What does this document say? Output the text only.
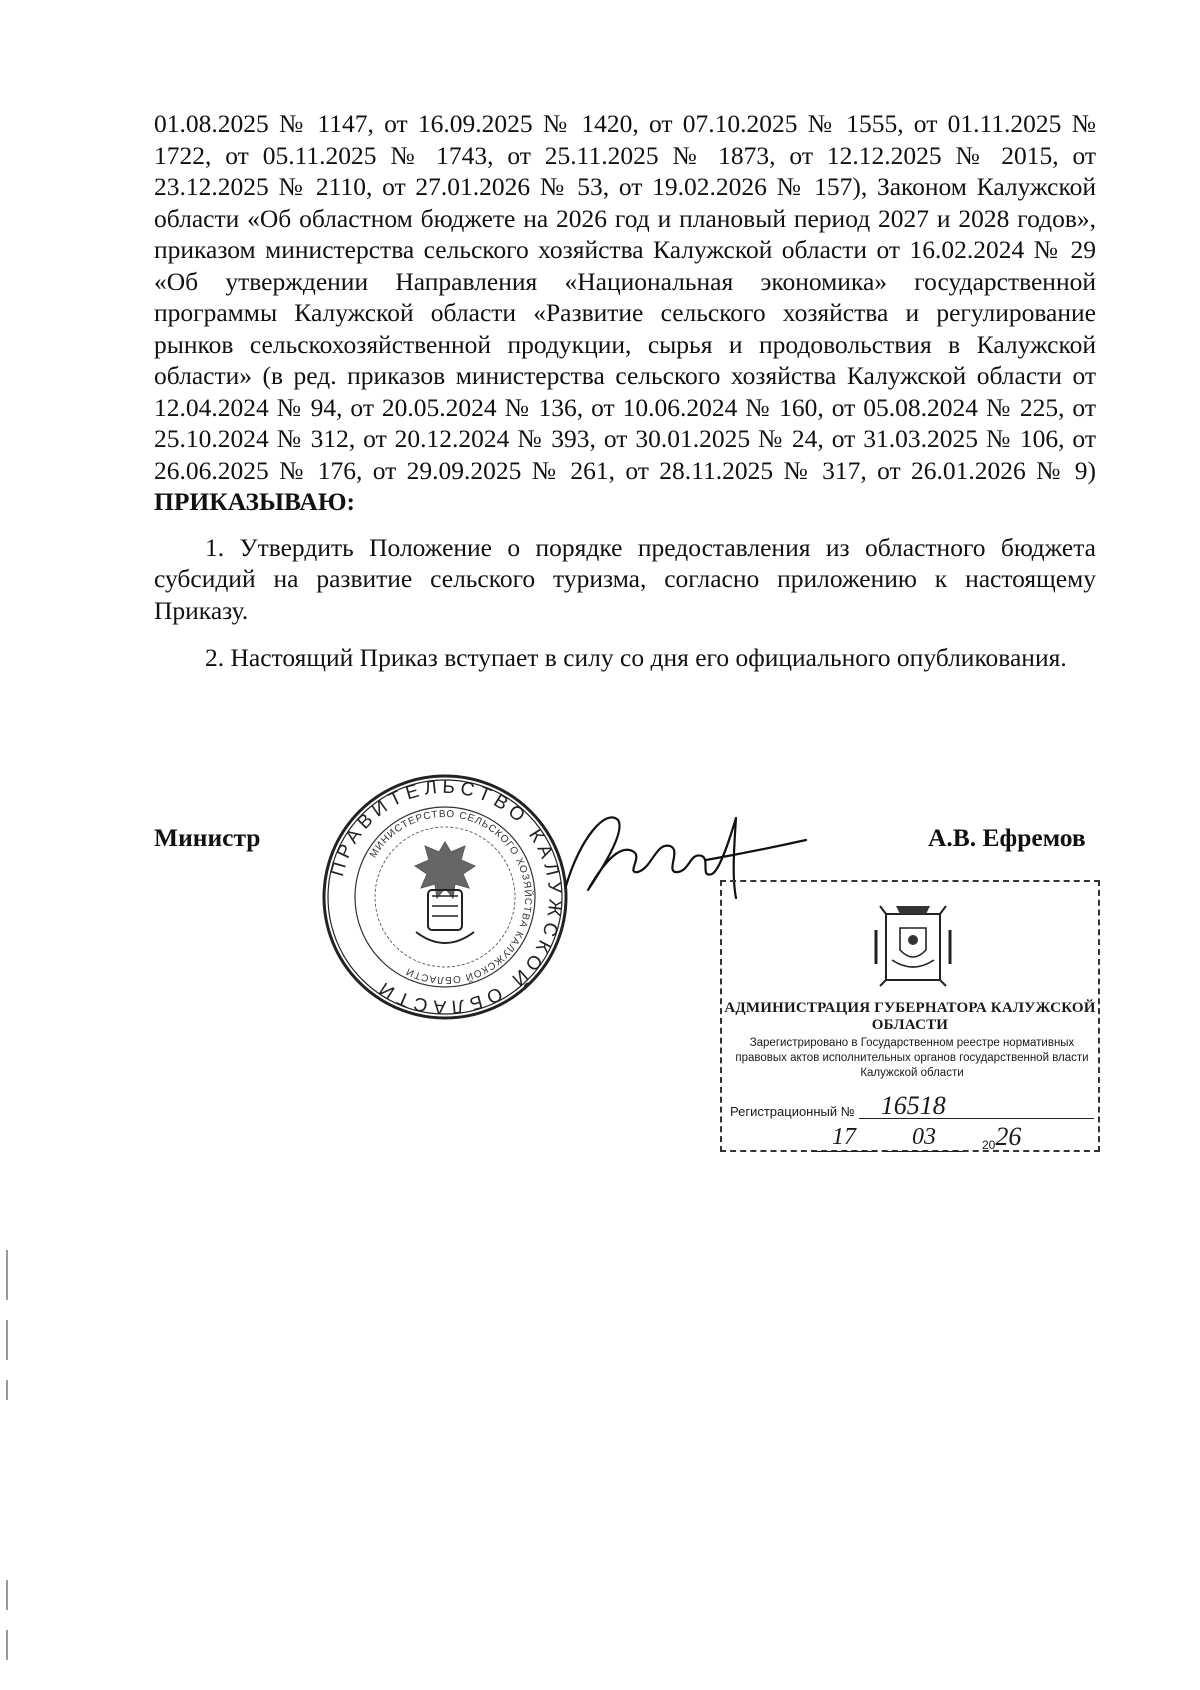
01.08.2025 № 1147, от 16.09.2025 № 1420, от 07.10.2025 № 1555, от 01.11.2025 № 1722, от 05.11.2025 № 1743, от 25.11.2025 № 1873, от 12.12.2025 № 2015, от 23.12.2025 № 2110, от 27.01.2026 № 53, от 19.02.2026 № 157), Законом Калужской области «Об областном бюджете на 2026 год и плановый период 2027 и 2028 годов», приказом министерства сельского хозяйства Калужской области от 16.02.2024 № 29 «Об утверждении Направления «Национальная экономика» государственной программы Калужской области «Развитие сельского хозяйства и регулирование рынков сельскохозяйственной продукции, сырья и продовольствия в Калужской области» (в ред. приказов министерства сельского хозяйства Калужской области от 12.04.2024 № 94, от 20.05.2024 № 136, от 10.06.2024 № 160, от 05.08.2024 № 225, от 25.10.2024 № 312, от 20.12.2024 № 393, от 30.01.2025 № 24, от 31.03.2025 № 106, от 26.06.2025 № 176, от 29.09.2025 № 261, от 28.11.2025 № 317, от 26.01.2026 № 9) ПРИКАЗЫВАЮ:

1. Утвердить Положение о порядке предоставления из областного бюджета субсидий на развитие сельского туризма, согласно приложению к настоящему Приказу.

2. Настоящий Приказ вступает в силу со дня его официального опубликования.

Министр	А.В. Ефремов
ПРАВИТЕЛЬСТВО КАЛУЖСКОЙ ОБЛАСТИ
МИНИСТЕРСТВО СЕЛЬСКОГО ХОЗЯЙСТВА КАЛУЖСКОЙ ОБЛАСТИ
АДМИНИСТРАЦИЯ ГУБЕРНАТОРА КАЛУЖСКОЙ ОБЛАСТИ
Зарегистрировано в Государственном реестре нормативных правовых актов исполнительных органов государственной власти Калужской области
Регистрационный №	16518
17	03	20 26
